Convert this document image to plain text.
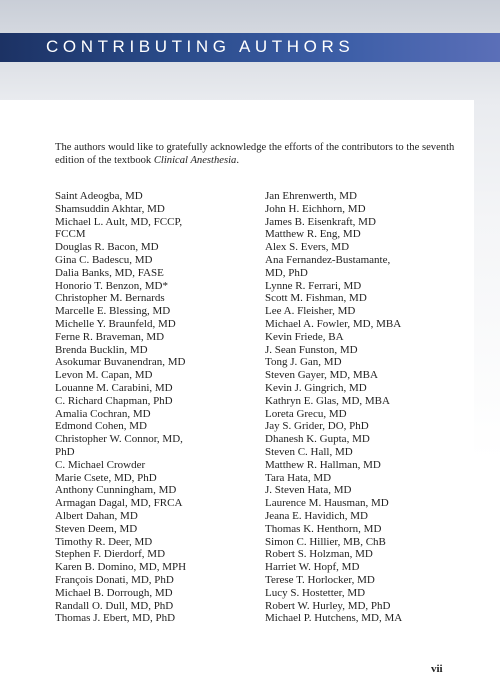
CONTRIBUTING AUTHORS

The authors would like to gratefully acknowledge the efforts of the contributors to the seventh edition of the textbook Clinical Anesthesia.

Saint Adeogba, MD
Shamsuddin Akhtar, MD
Michael L. Ault, MD, FCCP,
FCCM
Douglas R. Bacon, MD
Gina C. Badescu, MD
Dalia Banks, MD, FASE
Honorio T. Benzon, MD*
Christopher M. Bernards
Marcelle E. Blessing, MD
Michelle Y. Braunfeld, MD
Ferne R. Braveman, MD
Brenda Bucklin, MD
Asokumar Buvanendran, MD
Levon M. Capan, MD
Louanne M. Carabini, MD
C. Richard Chapman, PhD
Amalia Cochran, MD
Edmond Cohen, MD
Christopher W. Connor, MD,
PhD
C. Michael Crowder
Marie Csete, MD, PhD
Anthony Cunningham, MD
Armagan Dagal, MD, FRCA
Albert Dahan, MD
Steven Deem, MD
Timothy R. Deer, MD
Stephen F. Dierdorf, MD
Karen B. Domino, MD, MPH
François Donati, MD, PhD
Michael B. Dorrough, MD
Randall O. Dull, MD, PhD
Thomas J. Ebert, MD, PhD
Jan Ehrenwerth, MD
John H. Eichhorn, MD
James B. Eisenkraft, MD
Matthew R. Eng, MD
Alex S. Evers, MD
Ana Fernandez-Bustamante,
MD, PhD
Lynne R. Ferrari, MD
Scott M. Fishman, MD
Lee A. Fleisher, MD
Michael A. Fowler, MD, MBA
Kevin Friede, BA
J. Sean Funston, MD
Tong J. Gan, MD
Steven Gayer, MD, MBA
Kevin J. Gingrich, MD
Kathryn E. Glas, MD, MBA
Loreta Grecu, MD
Jay S. Grider, DO, PhD
Dhanesh K. Gupta, MD
Steven C. Hall, MD
Matthew R. Hallman, MD
Tara Hata, MD
J. Steven Hata, MD
Laurence M. Hausman, MD
Jeana E. Havidich, MD
Thomas K. Henthorn, MD
Simon C. Hillier, MB, ChB
Robert S. Holzman, MD
Harriet W. Hopf, MD
Terese T. Horlocker, MD
Lucy S. Hostetter, MD
Robert W. Hurley, MD, PhD
Michael P. Hutchens, MD, MA
vii
